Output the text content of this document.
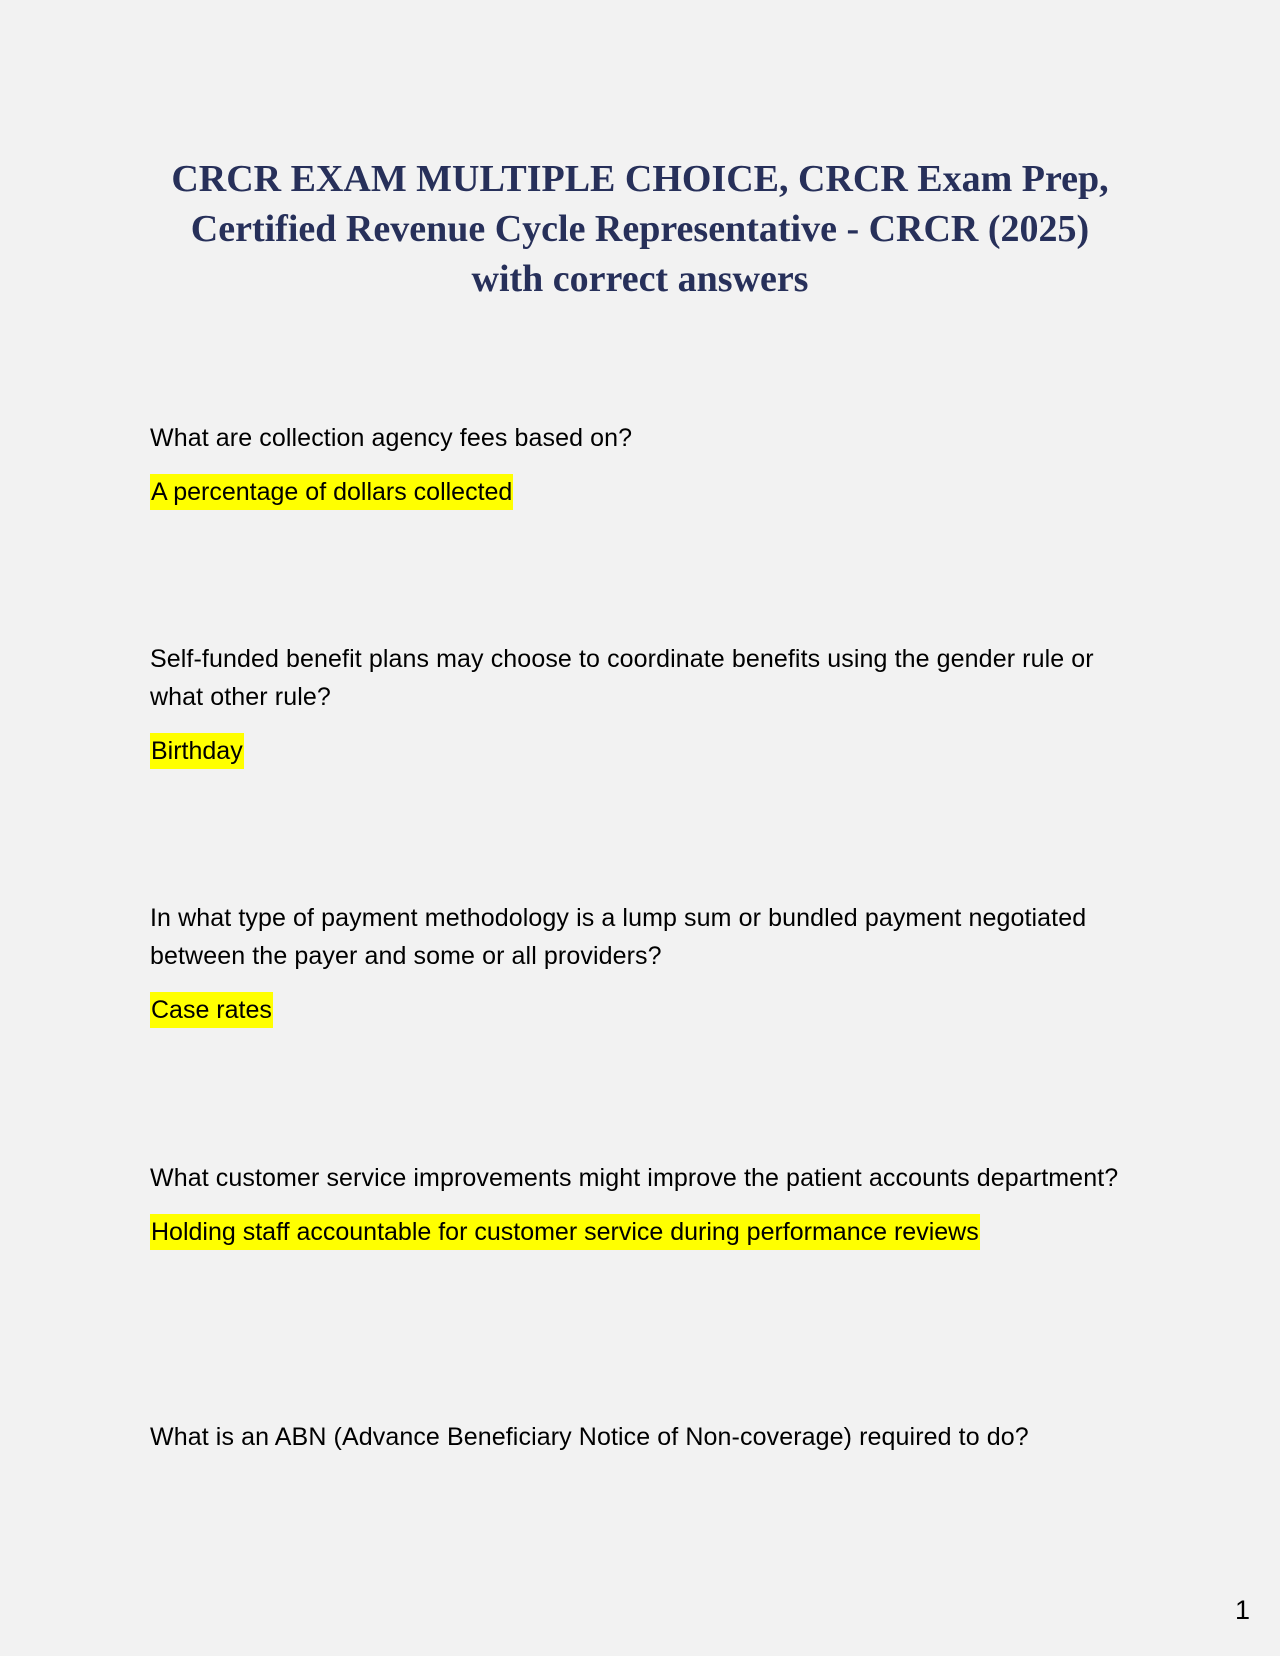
CRCR EXAM MULTIPLE CHOICE, CRCR Exam Prep,
Certified Revenue Cycle Representative - CRCR (2025)
with correct answers

What are collection agency fees based on?

A percentage of dollars collected

Self-funded benefit plans may choose to coordinate benefits using the gender rule or what other rule?

Birthday

In what type of payment methodology is a lump sum or bundled payment negotiated between the payer and some or all providers?

Case rates

What customer service improvements might improve the patient accounts department?

Holding staff accountable for customer service during performance reviews

What is an ABN (Advance Beneficiary Notice of Non-coverage) required to do?

1
